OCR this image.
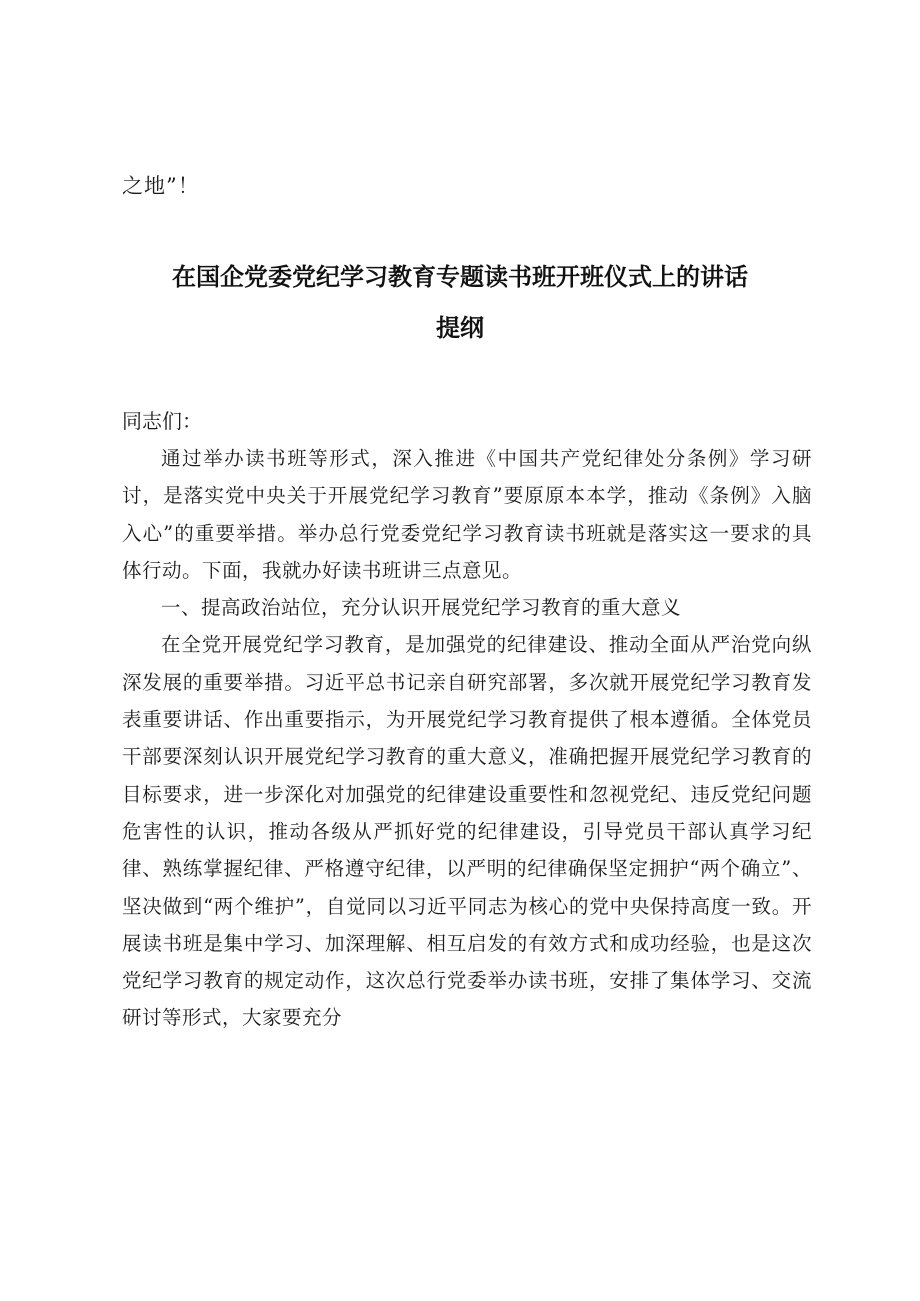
之地”！

在国企党委党纪学习教育专题读书班开班仪式上的讲话
提纲

同志们：

通过举办读书班等形式，深入推进《中国共产党纪律处分条例》学习研讨，是落实党中央关于开展党纪学习教育”要原原本本学，推动《条例》入脑入心”的重要举措。举办总行党委党纪学习教育读书班就是落实这一要求的具体行动。下面，我就办好读书班讲三点意见。

一、提高政治站位，充分认识开展党纪学习教育的重大意义

在全党开展党纪学习教育，是加强党的纪律建设、推动全面从严治党向纵深发展的重要举措。习近平总书记亲自研究部署，多次就开展党纪学习教育发表重要讲话、作出重要指示，为开展党纪学习教育提供了根本遵循。全体党员干部要深刻认识开展党纪学习教育的重大意义，准确把握开展党纪学习教育的目标要求，进一步深化对加强党的纪律建设重要性和忽视党纪、违反党纪问题危害性的认识，推动各级从严抓好党的纪律建设，引导党员干部认真学习纪律、熟练掌握纪律、严格遵守纪律，以严明的纪律确保坚定拥护“两个确立”、坚决做到“两个维护”，自觉同以习近平同志为核心的党中央保持高度一致。开展读书班是集中学习、加深理解、相互启发的有效方式和成功经验，也是这次党纪学习教育的规定动作，这次总行党委举办读书班，安排了集体学习、交流研讨等形式，大家要充分
